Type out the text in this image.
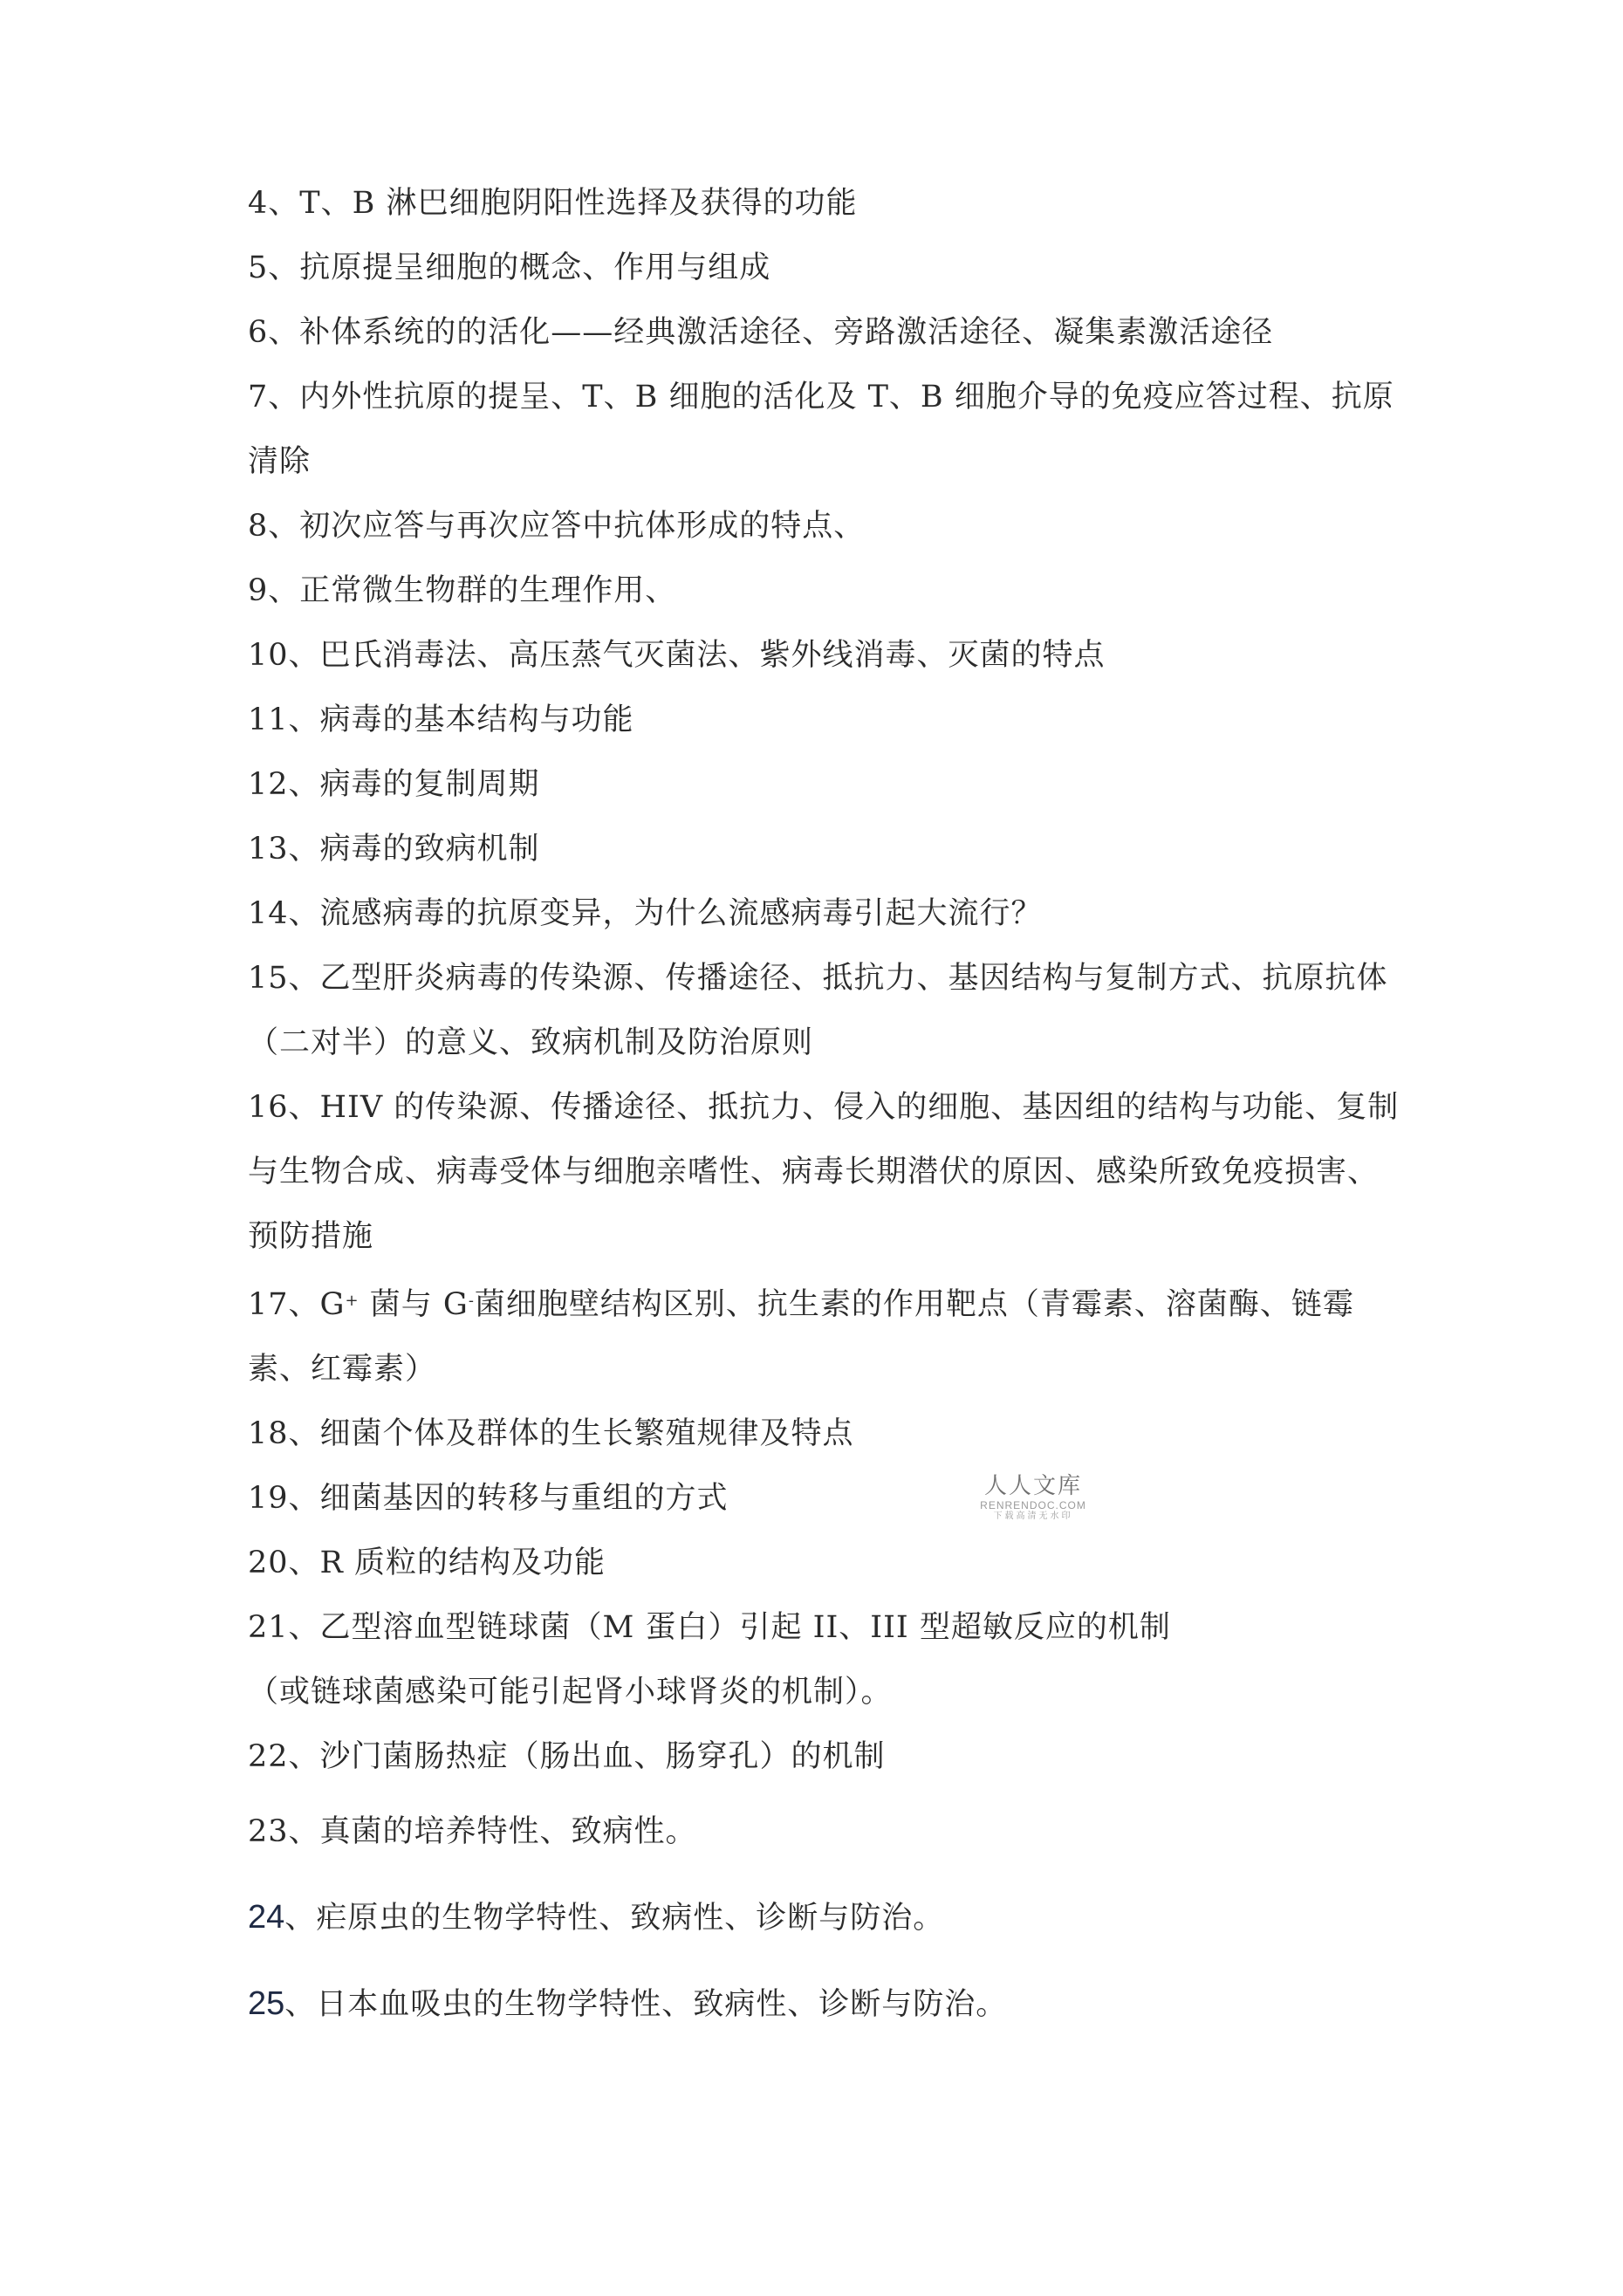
4、T、B 淋巴细胞阴阳性选择及获得的功能

5、抗原提呈细胞的概念、作用与组成

6、补体系统的的活化——经典激活途径、旁路激活途径、凝集素激活途径

7、内外性抗原的提呈、T、B 细胞的活化及 T、B 细胞介导的免疫应答过程、抗原清除

8、初次应答与再次应答中抗体形成的特点、

9、正常微生物群的生理作用、

10、巴氏消毒法、高压蒸气灭菌法、紫外线消毒、灭菌的特点

11、病毒的基本结构与功能

12、病毒的复制周期

13、病毒的致病机制

14、流感病毒的抗原变异，为什么流感病毒引起大流行？

15、乙型肝炎病毒的传染源、传播途径、抵抗力、基因结构与复制方式、抗原抗体（二对半）的意义、致病机制及防治原则

16、HIV 的传染源、传播途径、抵抗力、侵入的细胞、基因组的结构与功能、复制与生物合成、病毒受体与细胞亲嗜性、病毒长期潜伏的原因、感染所致免疫损害、预防措施

17、G+ 菌与 G-菌细胞壁结构区别、抗生素的作用靶点（青霉素、溶菌酶、链霉素、红霉素）

18、细菌个体及群体的生长繁殖规律及特点

19、细菌基因的转移与重组的方式

20、R 质粒的结构及功能

21、乙型溶血型链球菌（M 蛋白）引起 II、III 型超敏反应的机制

（或链球菌感染可能引起肾小球肾炎的机制）。

22、沙门菌肠热症（肠出血、肠穿孔）的机制

23、真菌的培养特性、致病性。

24、疟原虫的生物学特性、致病性、诊断与防治。

25、日本血吸虫的生物学特性、致病性、诊断与防治。

人人文库
RENRENDOC.COM
下载高清无水印
